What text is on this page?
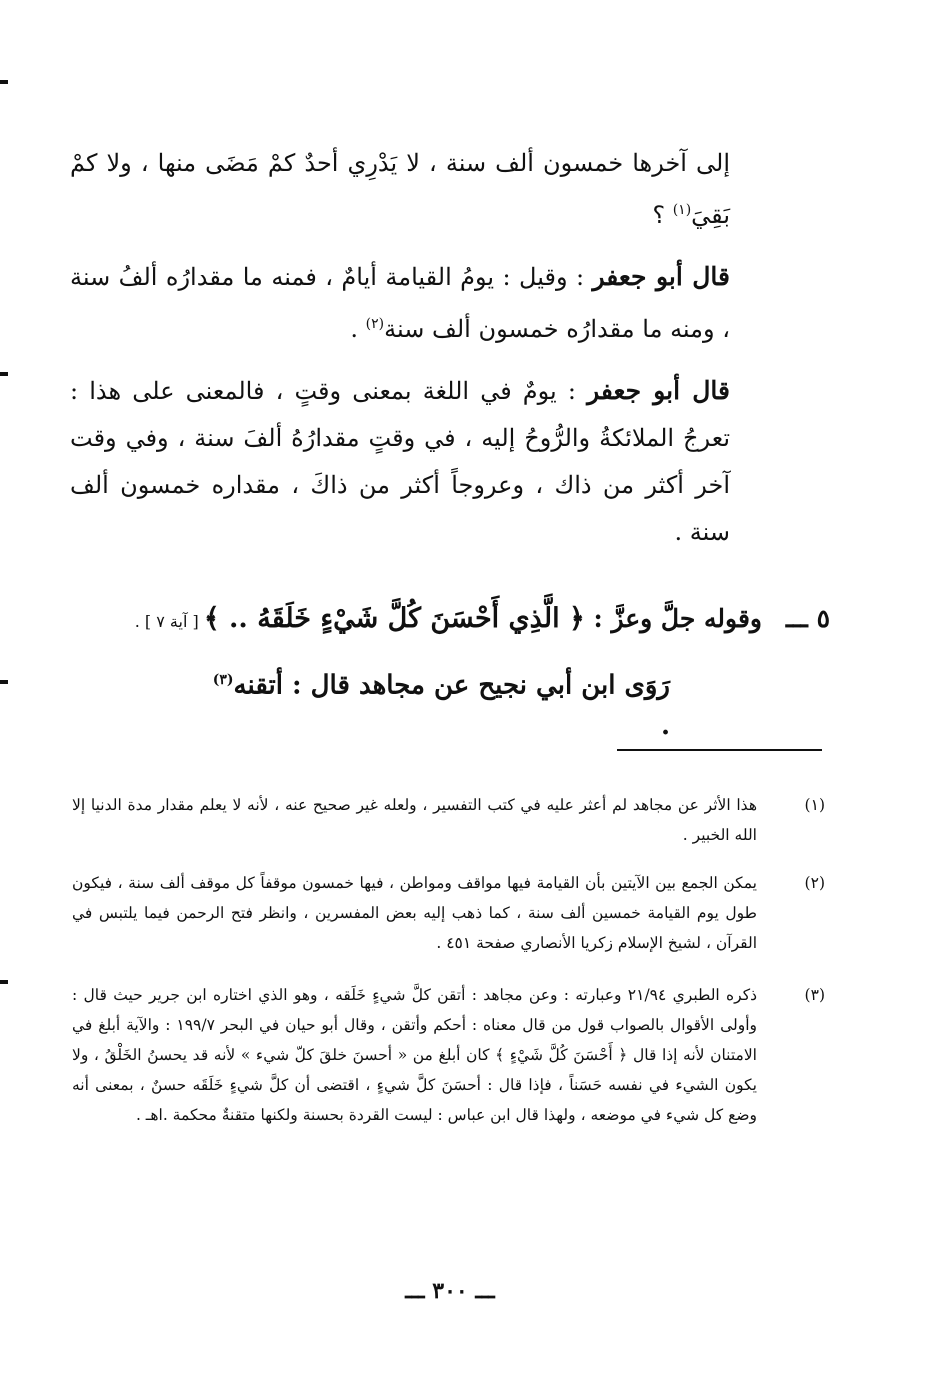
إلى آخرها خمسون ألف سنة ، لا يَدْرِي أحدٌ كمْ مَضَى منها ، ولا كمْ بَقِيَ$^{(١)}$ ؟

قال أبو جعفر : وقيل : يومُ القيامة أيامٌ ، فمنه ما مقدارُه ألفُ سنة ، ومنه ما مقدارُه خمسون ألف سنة$^{(٢)}$ .

قال أبو جعفر : يومٌ في اللغة بمعنى وقتٍ ، فالمعنى على هذا : تعرجُ الملائكةُ والرُّوحُ إليه ، في وقتٍ مقدارُهُ ألفَ سنة ، وفي وقت آخر أكثر من ذاك ، وعروجاً أكثر من ذاكَ ، مقداره خمسون ألف سنة .

٥ ـــ
وقوله جلَّ وعزَّ : ﴿ الَّذِي أَحْسَنَ كُلَّ شَيْءٍ خَلَقَهُ .. ﴾ [ آية ٧ ] .
رَوَى ابن أبي نجيح عن مجاهد قال : أتقنه$^{(٣)}$ .
(١)
هذا الأثر عن مجاهد لم أعثر عليه في كتب التفسير ، ولعله غير صحيح عنه ، لأنه لا يعلم مقدار مدة الدنيا إلا الله الخبير .
(٢)
يمكن الجمع بين الآيتين بأن القيامة فيها مواقف ومواطن ، فيها خمسون موقفاً كل موقف ألف سنة ، فيكون طول يوم القيامة خمسين ألف سنة ، كما ذهب إليه بعض المفسرين ، وانظر فتح الرحمن فيما يلتبس في القرآن ، لشيخ الإسلام زكريا الأنصاري صفحة ٤٥١ .
(٣)
ذكره الطبري ٢١/٩٤ وعبارته : وعن مجاهد : أتقن كلَّ شيءٍ خَلَقه ، وهو الذي اختاره ابن جرير حيث قال : وأولى الأقوال بالصواب قول من قال معناه : أحكم وأتقن ، وقال أبو حيان في البحر ١٩٩/٧ : والآية أبلغ في الامتنان لأنه إذا قال ﴿ أَحْسَنَ كُلَّ شَيْءٍ ﴾ كان أبلغ من « أحسنَ خلقَ كلّ شيء » لأنه قد يحسنُ الخَلْقُ ، ولا يكون الشيء في نفسه حَسَناً ، فإذا قال : أحسَنَ كلَّ شيءٍ ، اقتضى أن كلَّ شيءٍ خَلَقَه حسنٌ ، بمعنى أنه وضع كل شيء في موضعه ، ولهذا قال ابن عباس : ليست القردة بحسنة ولكنها متقنةٌ محكمة .اهـ .
ـــ ٣٠٠ ـــ
